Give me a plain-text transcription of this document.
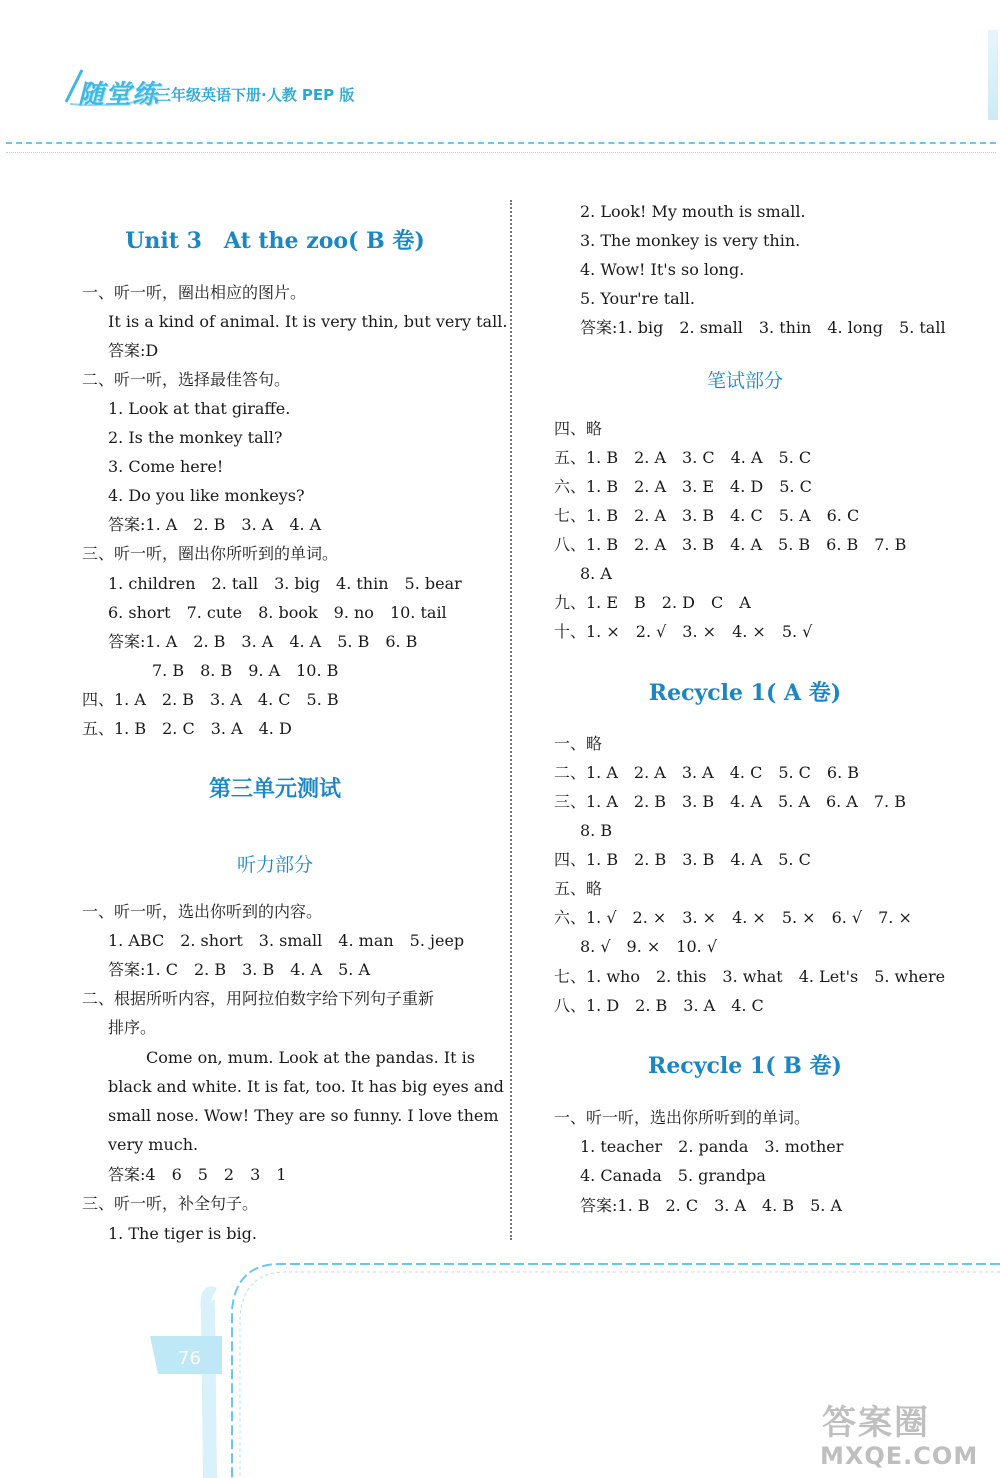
随堂练
三年级英语下册·人教 PEP 版
Unit 3　At the zoo( B 卷)
一、听一听，圈出相应的图片。
It is a kind of animal. It is very thin, but very tall.
答案:D
二、听一听，选择最佳答句。
1. Look at that giraffe.
2. Is the monkey tall?
3. Come here!
4. Do you like monkeys?
答案:1. A　2. B　3. A　4. A
三、听一听，圈出你所听到的单词。
1. children　2. tall　3. big　4. thin　5. bear
6. short　7. cute　8. book　9. no　10. tail
答案:1. A　2. B　3. A　4. A　5. B　6. B
7. B　8. B　9. A　10. B
四、1. A　2. B　3. A　4. C　5. B
五、1. B　2. C　3. A　4. D
第三单元测试
听力部分
一、听一听，选出你听到的内容。
1. ABC　2. short　3. small　4. man　5. jeep
答案:1. C　2. B　3. B　4. A　5. A
二、根据所听内容，用阿拉伯数字给下列句子重新
排序。
Come on, mum. Look at the pandas. It is
black and white. It is fat, too. It has big eyes and
small nose. Wow! They are so funny. I love them
very much.
答案:4　6　5　2　3　1
三、听一听，补全句子。
1. The tiger is big.
2. Look! My mouth is small.
3. The monkey is very thin.
4. Wow! It's so long.
5. Your're tall.
答案:1. big　2. small　3. thin　4. long　5. tall
笔试部分
四、略
五、1. B　2. A　3. C　4. A　5. C
六、1. B　2. A　3. E　4. D　5. C
七、1. B　2. A　3. B　4. C　5. A　6. C
八、1. B　2. A　3. B　4. A　5. B　6. B　7. B
8. A
九、1. E　B　2. D　C　A
十、1. ×　2. √　3. ×　4. ×　5. √
Recycle 1( A 卷)
一、略
二、1. A　2. A　3. A　4. C　5. C　6. B
三、1. A　2. B　3. B　4. A　5. A　6. A　7. B
8. B
四、1. B　2. B　3. B　4. A　5. C
五、略
六、1. √　2. ×　3. ×　4. ×　5. ×　6. √　7. ×
8. √　9. ×　10. √
七、1. who　2. this　3. what　4. Let's　5. where
八、1. D　2. B　3. A　4. C
Recycle 1( B 卷)
一、听一听，选出你所听到的单词。
1. teacher　2. panda　3. mother
4. Canada　5. grandpa
答案:1. B　2. C　3. A　4. B　5. A
76
答案圈
MXQE.COM
